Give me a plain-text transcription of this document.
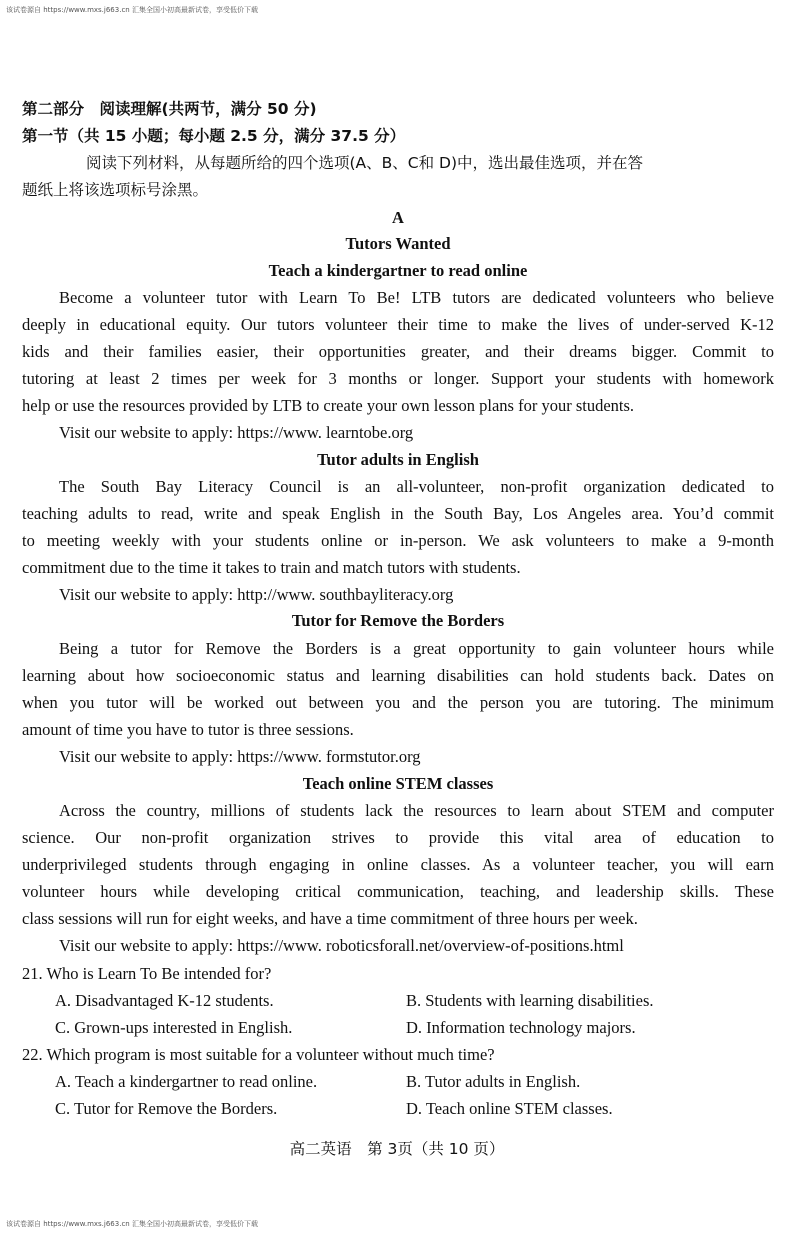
该试卷源自 https://www.mxs.j663.cn 汇集全国小初高最新试卷，享受低价下载
第二部分　阅读理解(共两节，满分 50 分)
第一节（共 15 小题；每小题 2.5 分，满分 37.5 分）
阅读下列材料，从每题所给的四个选项(A、B、C和 D)中，选出最佳选项，并在答
题纸上将该选项标号涂黑。
A
Tutors Wanted
Teach a kindergartner to read online
Become a volunteer tutor with Learn To Be! LTB tutors are dedicated volunteers who believe
deeply in educational equity. Our tutors volunteer their time to make the lives of under-served K-12
kids and their families easier, their opportunities greater, and their dreams bigger. Commit to
tutoring at least 2 times per week for 3 months or longer. Support your students with homework
help or use the resources provided by LTB to create your own lesson plans for your students.
Visit our website to apply: https://www. learntobe.org
Tutor adults in English
The South Bay Literacy Council is an all-volunteer, non-profit organization dedicated to
teaching adults to read, write and speak English in the South Bay, Los Angeles area. You’d commit
to meeting weekly with your students online or in-person. We ask volunteers to make a 9-month
commitment due to the time it takes to train and match tutors with students.
Visit our website to apply: http://www. southbayliteracy.org
Tutor for Remove the Borders
Being a tutor for Remove the Borders is a great opportunity to gain volunteer hours while
learning about how socioeconomic status and learning disabilities can hold students back. Dates on
when you tutor will be worked out between you and the person you are tutoring. The minimum
amount of time you have to tutor is three sessions.
Visit our website to apply: https://www. formstutor.org
Teach online STEM classes
Across the country, millions of students lack the resources to learn about STEM and computer
science. Our non-profit organization strives to provide this vital area of education to
underprivileged students through engaging in online classes. As a volunteer teacher, you will earn
volunteer hours while developing critical communication, teaching, and leadership skills. These
class sessions will run for eight weeks, and have a time commitment of three hours per week.
Visit our website to apply: https://www. roboticsforall.net/overview-of-positions.html
21. Who is Learn To Be intended for?
A. Disadvantaged K-12 students.	B. Students with learning disabilities.
C. Grown-ups interested in English.	D. Information technology majors.
22. Which program is most suitable for a volunteer without much time?
A. Teach a kindergartner to read online.	B. Tutor adults in English.
C. Tutor for Remove the Borders.	D. Teach online STEM classes.
高二英语　第 3页（共 10 页）
该试卷源自 https://www.mxs.j663.cn 汇集全国小初高最新试卷，享受低价下载
